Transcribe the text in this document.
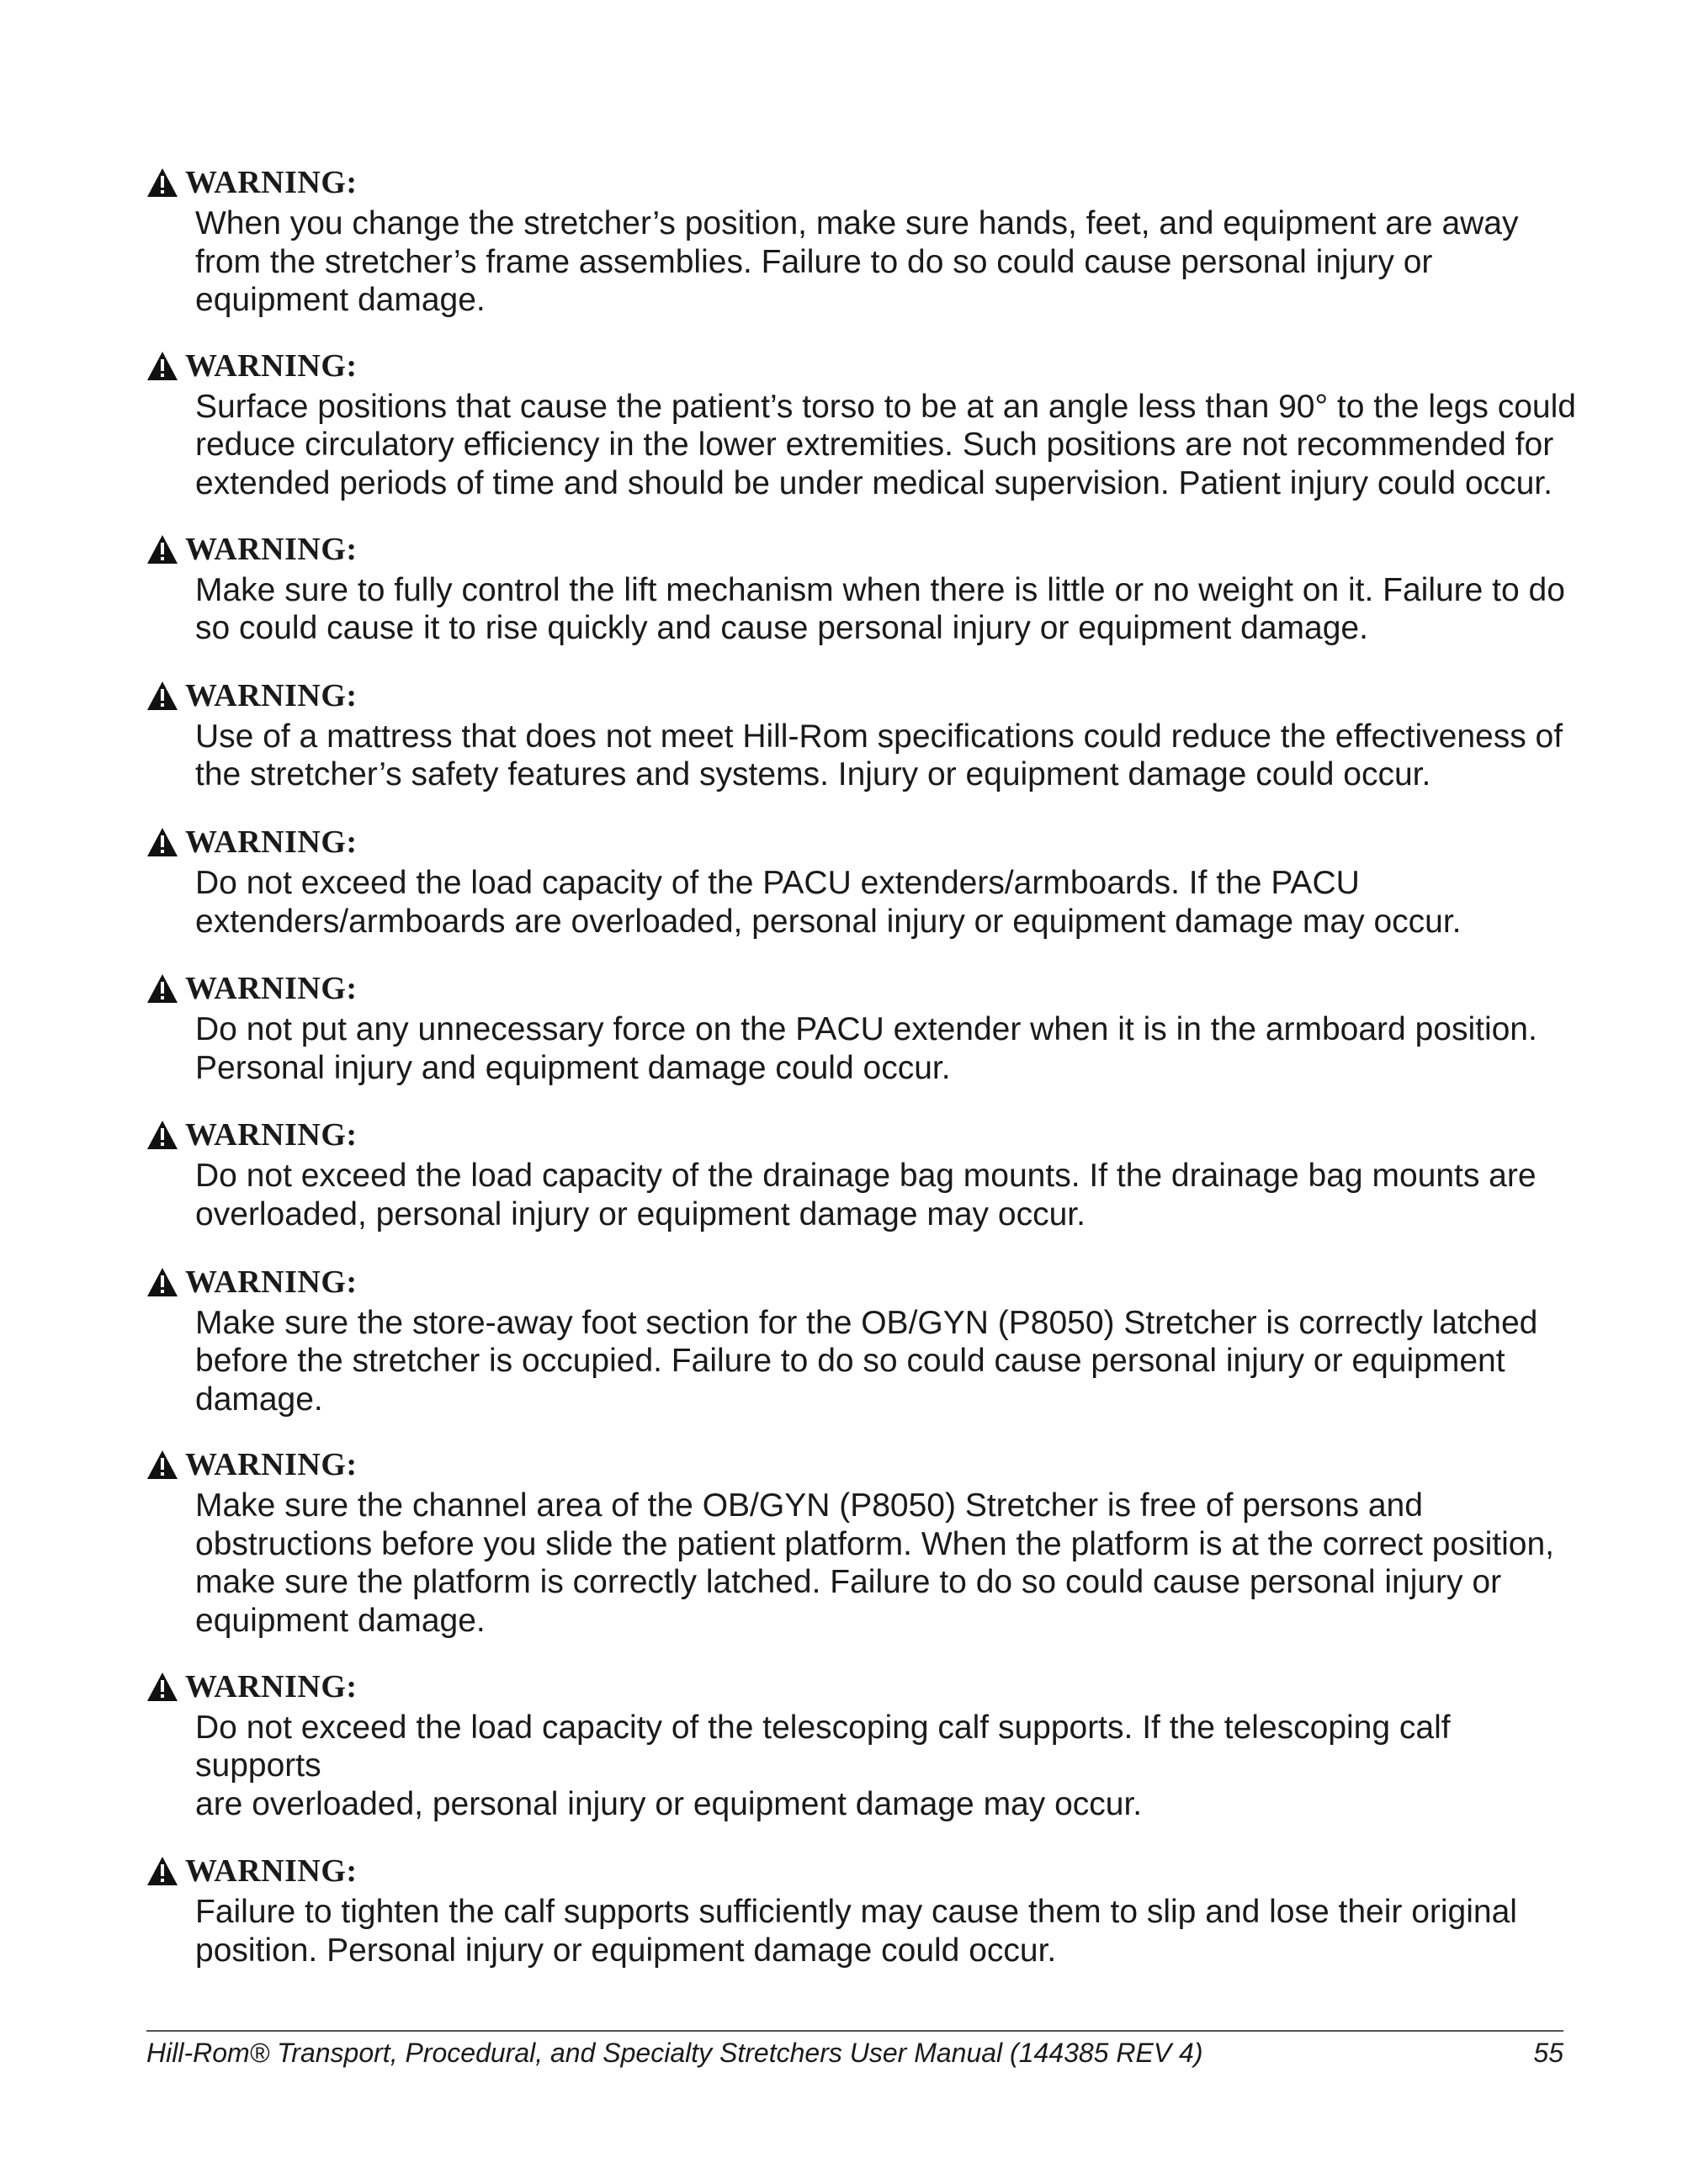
WARNING:
When you change the stretcher’s position, make sure hands, feet, and equipment are away
from the stretcher’s frame assemblies. Failure to do so could cause personal injury or
equipment damage.
WARNING:
Surface positions that cause the patient’s torso to be at an angle less than 90° to the legs could
reduce circulatory efficiency in the lower extremities. Such positions are not recommended for
extended periods of time and should be under medical supervision. Patient injury could occur.
WARNING:
Make sure to fully control the lift mechanism when there is little or no weight on it. Failure to do
so could cause it to rise quickly and cause personal injury or equipment damage.
WARNING:
Use of a mattress that does not meet Hill-Rom specifications could reduce the effectiveness of
the stretcher’s safety features and systems. Injury or equipment damage could occur.
WARNING:
Do not exceed the load capacity of the PACU extenders/armboards. If the PACU
extenders/armboards are overloaded, personal injury or equipment damage may occur.
WARNING:
Do not put any unnecessary force on the PACU extender when it is in the armboard position.
Personal injury and equipment damage could occur.
WARNING:
Do not exceed the load capacity of the drainage bag mounts. If the drainage bag mounts are
overloaded, personal injury or equipment damage may occur.
WARNING:
Make sure the store-away foot section for the OB/GYN (P8050) Stretcher is correctly latched
before the stretcher is occupied. Failure to do so could cause personal injury or equipment
damage.
WARNING:
Make sure the channel area of the OB/GYN (P8050) Stretcher is free of persons and
obstructions before you slide the patient platform. When the platform is at the correct position,
make sure the platform is correctly latched. Failure to do so could cause personal injury or
equipment damage.
WARNING:
Do not exceed the load capacity of the telescoping calf supports. If the telescoping calf supports
are overloaded, personal injury or equipment damage may occur.
WARNING:
Failure to tighten the calf supports sufficiently may cause them to slip and lose their original
position. Personal injury or equipment damage could occur.
Hill-Rom® Transport, Procedural, and Specialty Stretchers User Manual (144385 REV 4)	55
